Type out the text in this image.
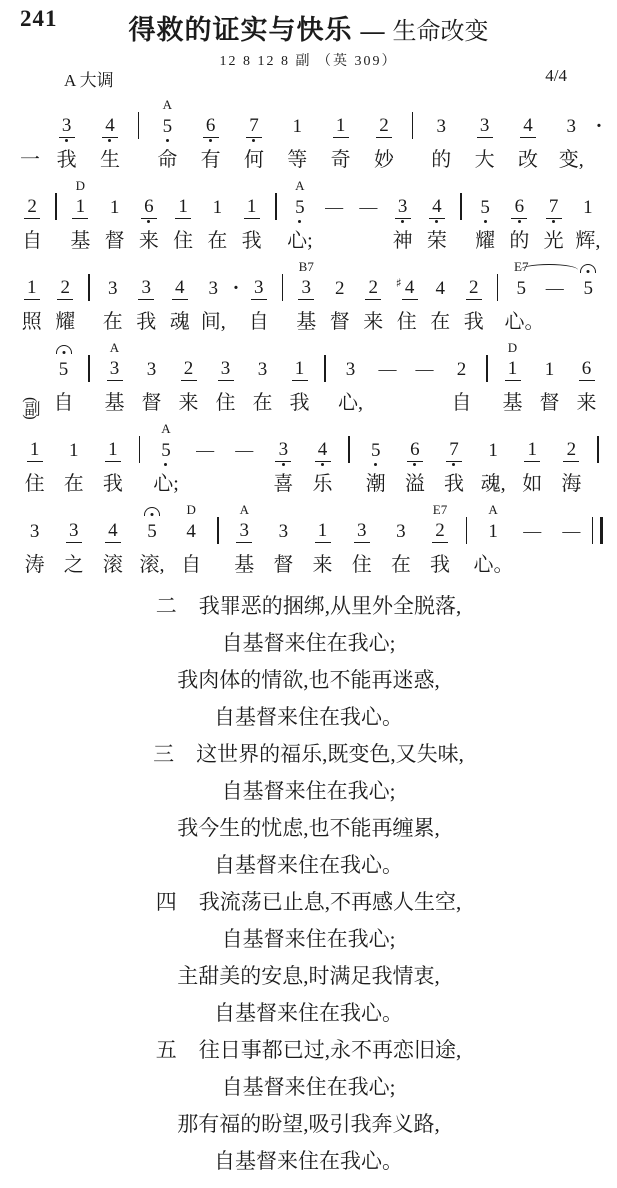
241	得救的证实与快乐 — 生命改变
12 8 12 8 副 （英 309）
A 大调	4/4
一
3
我
4
生
A
5
命
6
有
7
何
1
等
1
奇
2
妙
3
的
3
大
4
改
3
变,
·
2
自
D
1
基
1
督
6
来
1
住
1
在
1
我
A
5
心;
— — 3
神
4
荣
5
耀
6
的
7
光
1
辉,
1
照
2
耀
3
在
3
我
4
魂
3
间,
· 3
自
B7
3
基
2
督
2
来
♯ 4
住
4
在
2
我
E7
5
心。
— 5
(副)
5
自
A
3
基
3
督
2
来
3
住
3
在
1
我
3
心,
— — 2
自
D
1
基
1
督
6
来
1
住
1
在
1
我
A
5
心;
— — 3
喜
4
乐
5
潮
6
溢
7
我
1
魂,
1
如
2
海
3
涛
3
之
4
滚
5
滚,
D
4
自
A
3
基
3
督
1
来
3
住
3
在
E7
2
我
A
1
心。
— —
二 我罪恶的捆绑,从里外全脱落,
自基督来住在我心;
我肉体的情欲,也不能再迷惑,
自基督来住在我心。
三 这世界的福乐,既变色,又失味,
自基督来住在我心;
我今生的忧虑,也不能再缠累,
自基督来住在我心。
四 我流荡已止息,不再感人生空,
自基督来住在我心;
主甜美的安息,时满足我情衷,
自基督来住在我心。
五 往日事都已过,永不再恋旧途,
自基督来住在我心;
那有福的盼望,吸引我奔义路,
自基督来住在我心。
